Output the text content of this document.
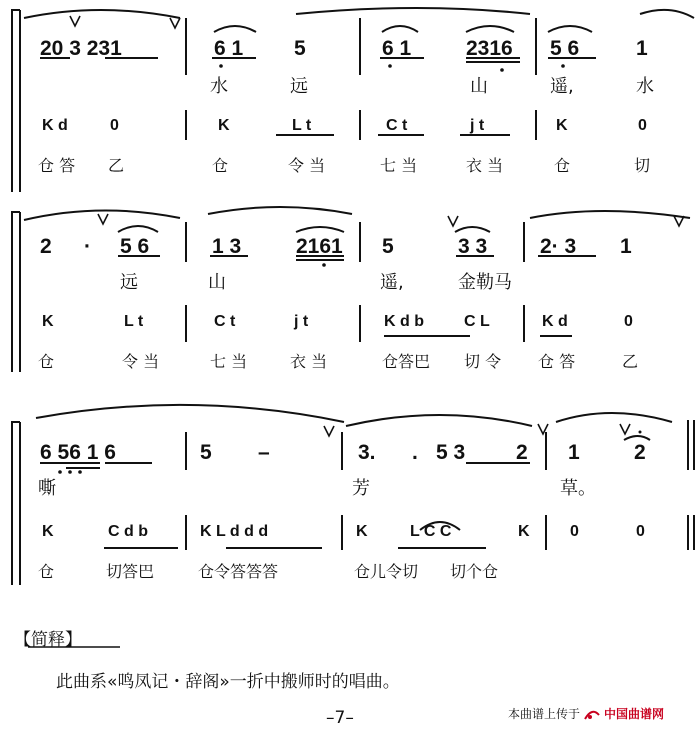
20 3 231	6 1 5	6 1	2316 5 6	1
水	远	山	遥,	水
K d	0	K	L t	C t	j t	K	0
仓 答 乙	仓	令 当	七 当	衣 当	仓	切
2 · 5 6	1 3	2161 5	3 3	2· 3 1
远	山	遥,	金勒马
K	L t	C t	j t	K d b	C L	K d	0
仓	令 当	七 当	衣 当	仓答巴 切 令 仓 答	乙
6 56 1 6	5 –	3. . 5 3 2 1	2
嘶	芳	草。
K	C d b	K L d d d	K	L C C	K	0	0
仓	切答巴	仓令答答答	仓儿令切 切个仓
【简释】
此曲系«鸣凤记・辞阁»一折中搬师时的唱曲。
–7–	本曲谱上传于 中国曲谱网
